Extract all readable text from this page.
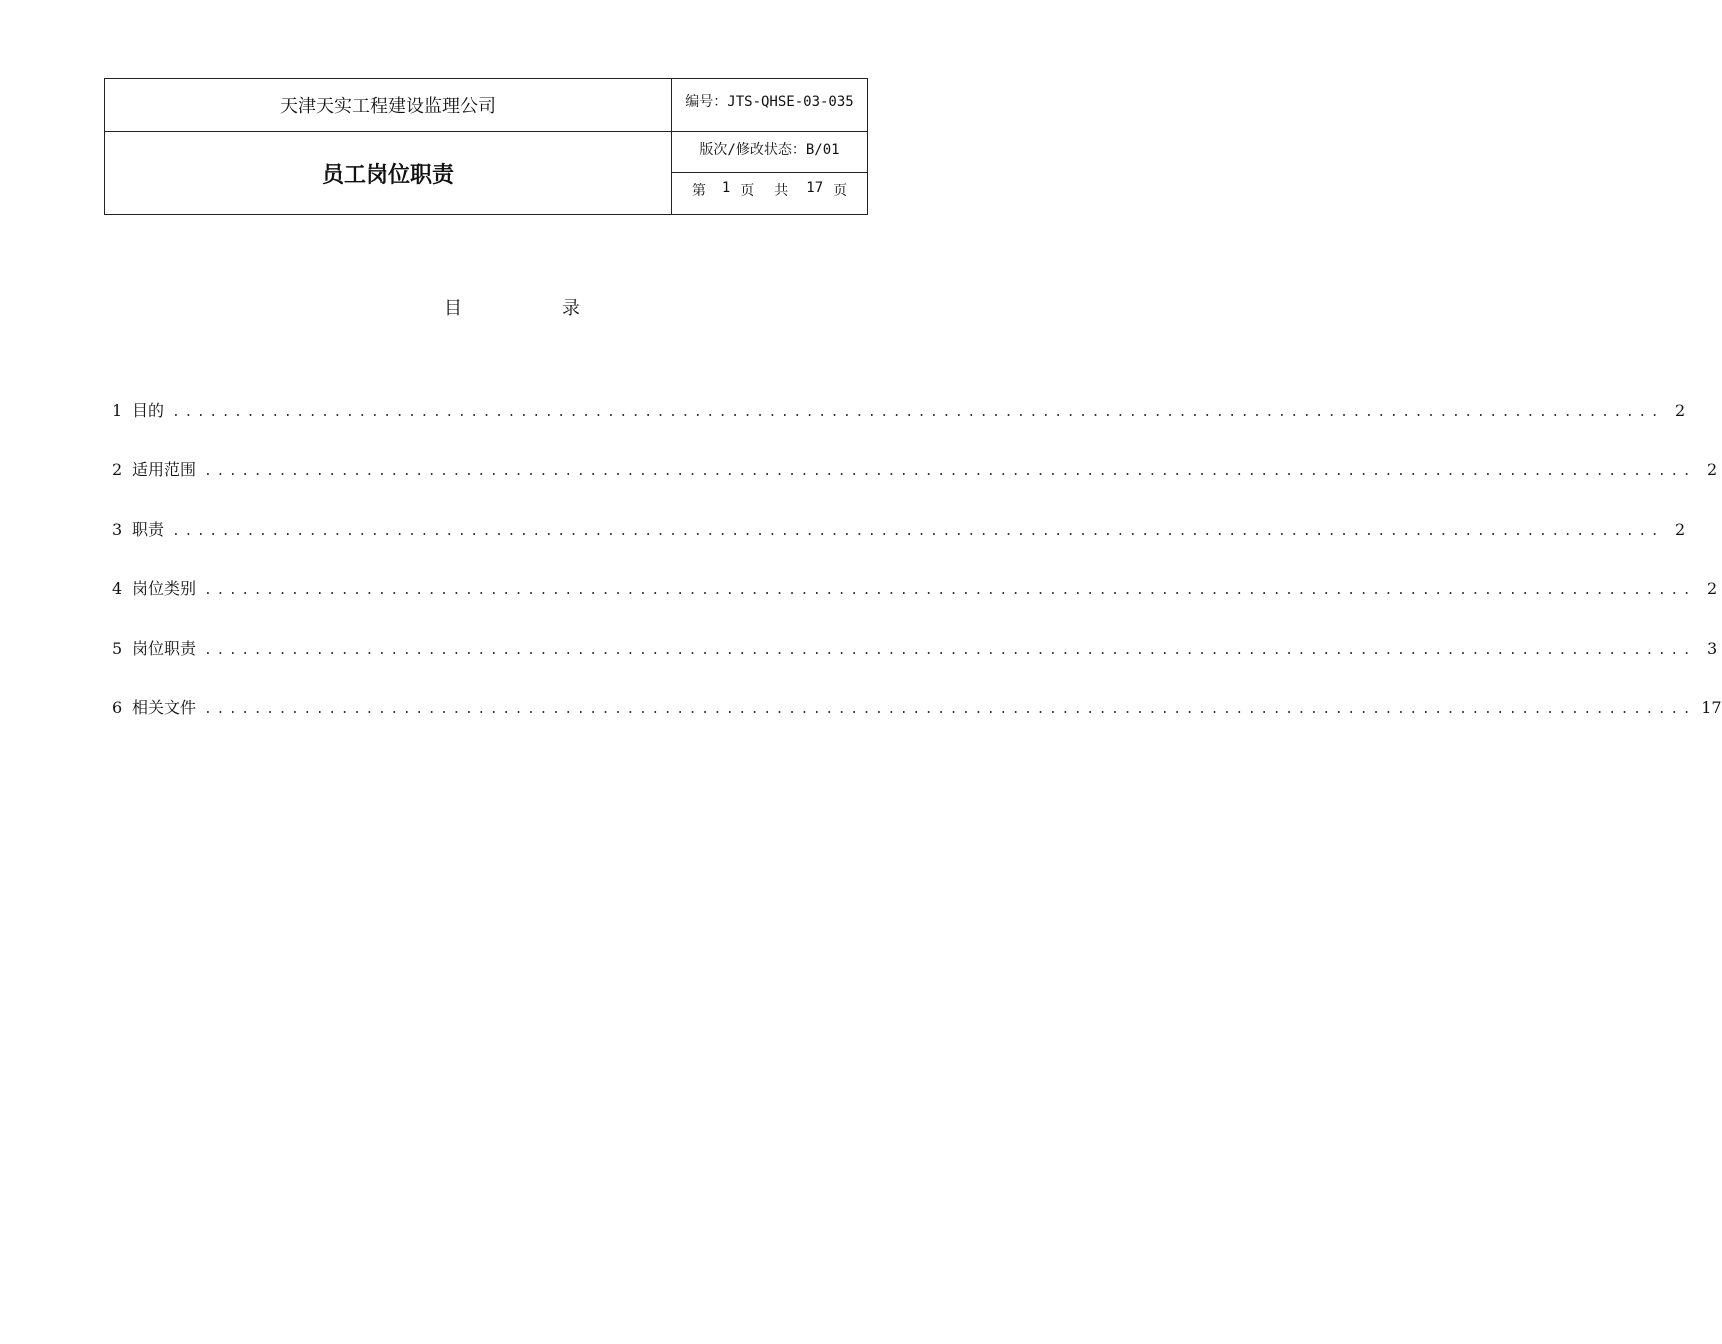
天津天实工程建设监理公司
员工岗位职责
编号：JTS-QHSE-03-035
版次/修改状态：B/01
第 1 页 共 17 页
目	录
1 目的 ........................................................................................................................ 2
2 适用范围 ........................................................................................................................ 2
3 职责 ........................................................................................................................ 2
4 岗位类别 ........................................................................................................................ 2
5 岗位职责 ........................................................................................................................ 3
6 相关文件 ........................................................................................................................ 17
